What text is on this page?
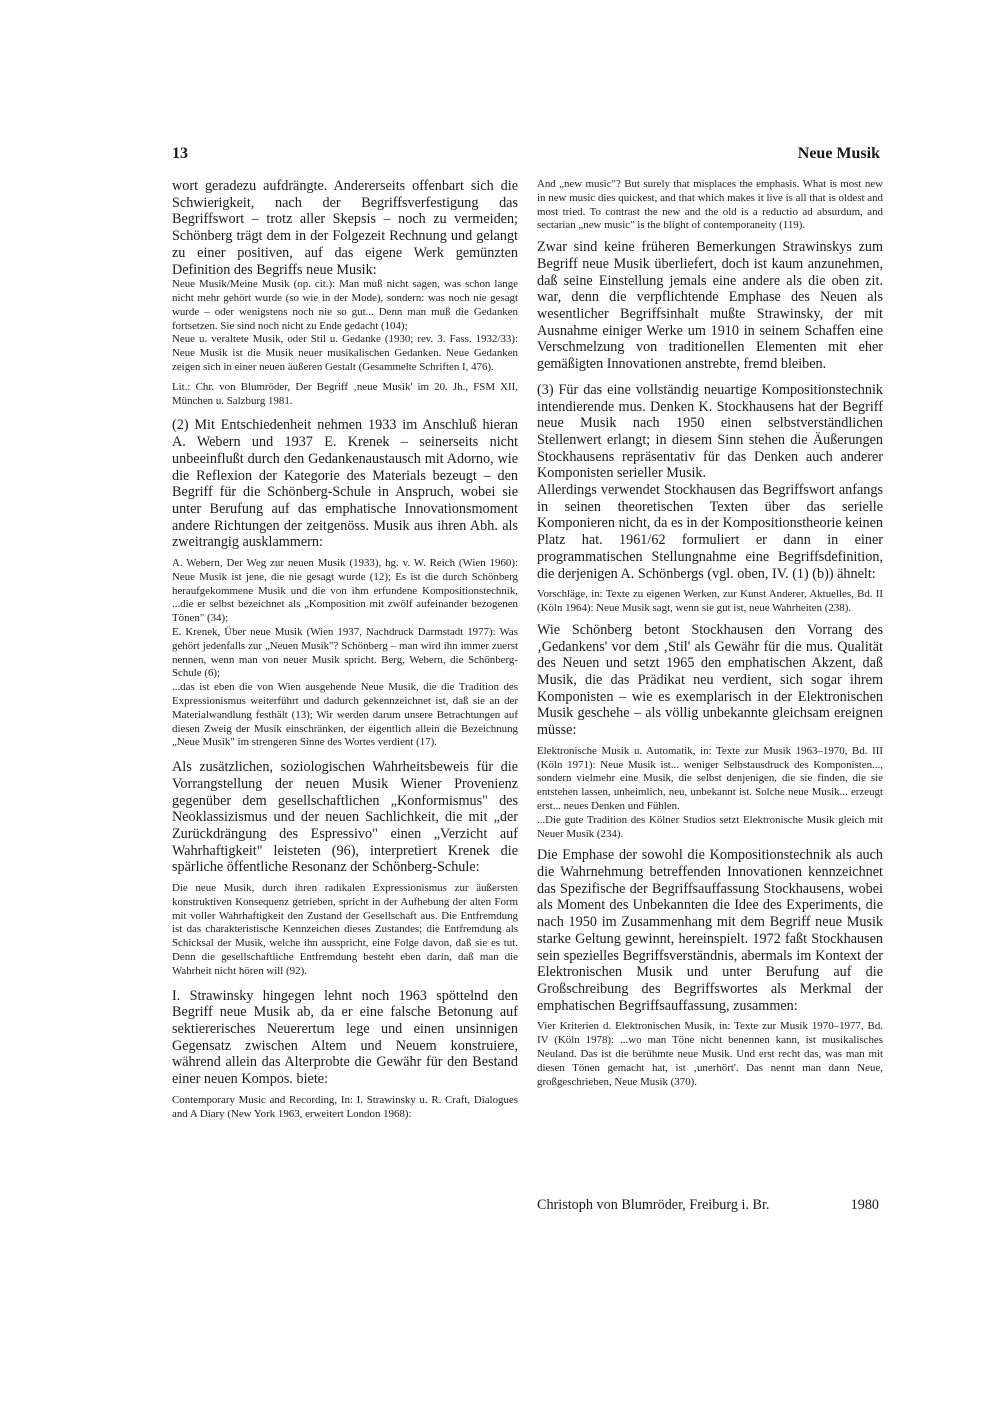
13	Neue Musik

wort geradezu aufdrängte. Andererseits offenbart sich die Schwierigkeit, nach der Begriffsverfestigung das Begriffswort – trotz aller Skepsis – noch zu vermeiden; Schönberg trägt dem in der Folgezeit Rechnung und gelangt zu einer positiven, auf das eigene Werk gemünzten Definition des Begriffs neue Musik:

Neue Musik/Meine Musik (op. cit.): Man muß nicht sagen, was schon lange nicht mehr gehört wurde (so wie in der Mode), sondern: was noch nie gesagt wurde – oder wenigstens noch nie so gut... Denn man muß die Gedanken fortsetzen. Sie sind noch nicht zu Ende gedacht (104);

Neue u. veraltete Musik, oder Stil u. Gedanke (1930; rev. 3. Fass. 1932/33): Neue Musik ist die Musik neuer musikalischen Gedanken. Neue Gedanken zeigen sich in einer neuen äußeren Gestalt (Gesammelte Schriften I, 476).

Lit.: Chr. von Blumröder, Der Begriff ‚neue Musik' im 20. Jh., FSM XII, München u. Salzburg 1981.

(2) Mit Entschiedenheit nehmen 1933 im Anschluß hieran A. Webern und 1937 E. Krenek – seinerseits nicht unbeeinflußt durch den Gedankenaustausch mit Adorno, wie die Reflexion der Kategorie des Materials bezeugt – den Begriff für die Schönberg-Schule in Anspruch, wobei sie unter Berufung auf das emphatische Innovationsmoment andere Richtungen der zeitgenöss. Musik aus ihren Abh. als zweitrangig ausklammern:

A. Webern, Der Weg zur neuen Musik (1933), hg. v. W. Reich (Wien 1960): Neue Musik ist jene, die nie gesagt wurde (12); Es ist die durch Schönberg heraufgekommene Musik und die von ihm erfundene Kompositionstechnik, ...die er selbst bezeichnet als „Komposition mit zwölf aufeinander bezogenen Tönen" (34);

E. Krenek, Über neue Musik (Wien 1937, Nachdruck Darmstadt 1977): Was gehört jedenfalls zur „Neuen Musik"? Schönberg – man wird ihn immer zuerst nennen, wenn man von neuer Musik spricht. Berg, Webern, die Schönberg-Schule (6);

...das ist eben die von Wien ausgehende Neue Musik, die die Tradition des Expressionismus weiterführt und dadurch gekennzeichnet ist, daß sie an der Materialwandlung festhält (13); Wir werden darum unsere Betrachtungen auf diesen Zweig der Musik einschränken, der eigentlich allein die Bezeichnung „Neue Musik" im strengeren Sinne des Wortes verdient (17).

Als zusätzlichen, soziologischen Wahrheitsbeweis für die Vorrangstellung der neuen Musik Wiener Provenienz gegenüber dem gesellschaftlichen „Konformismus" des Neoklassizismus und der neuen Sachlichkeit, die mit „der Zurückdrängung des Espressivo" einen „Verzicht auf Wahrhaftigkeit" leisteten (96), interpretiert Krenek die spärliche öffentliche Resonanz der Schönberg-Schule:

Die neue Musik, durch ihren radikalen Expressionismus zur äußersten konstruktiven Konsequenz getrieben, spricht in der Aufhebung der alten Form mit voller Wahrhaftigkeit den Zustand der Gesellschaft aus. Die Entfremdung ist das charakteristische Kennzeichen dieses Zustandes; die Entfremdung als Schicksal der Musik, welche ihn ausspricht, eine Folge davon, daß sie es tut. Denn die gesellschaftliche Entfremdung besteht eben darin, daß man die Wahrheit nicht hören will (92).

I. Strawinsky hingegen lehnt noch 1963 spöttelnd den Begriff neue Musik ab, da er eine falsche Betonung auf sektiererisches Neuerertum lege und einen unsinnigen Gegensatz zwischen Altem und Neuem konstruiere, während allein das Alterprobte die Gewähr für den Bestand einer neuen Kompos. biete:

Contemporary Music and Recording, In: I. Strawinsky u. R. Craft, Dialogues and A Diary (New York 1963, erweitert London 1968):

And „new music"? But surely that misplaces the emphasis. What is most new in new music dies quickest, and that which makes it live is all that is oldest and most tried. To contrast the new and the old is a reductio ad absurdum, and sectarian „new music" is the blight of contemporaneity (119).

Zwar sind keine früheren Bemerkungen Strawinskys zum Begriff neue Musik überliefert, doch ist kaum anzunehmen, daß seine Einstellung jemals eine andere als die oben zit. war, denn die verpflichtende Emphase des Neuen als wesentlicher Begriffsinhalt mußte Strawinsky, der mit Ausnahme einiger Werke um 1910 in seinem Schaffen eine Verschmelzung von traditionellen Elementen mit eher gemäßigten Innovationen anstrebte, fremd bleiben.

(3) Für das eine vollständig neuartige Kompositionstechnik intendierende mus. Denken K. Stockhausens hat der Begriff neue Musik nach 1950 einen selbstverständlichen Stellenwert erlangt; in diesem Sinn stehen die Äußerungen Stockhausens repräsentativ für das Denken auch anderer Komponisten serieller Musik.

Allerdings verwendet Stockhausen das Begriffswort anfangs in seinen theoretischen Texten über das serielle Komponieren nicht, da es in der Kompositionstheorie keinen Platz hat. 1961/62 formuliert er dann in einer programmatischen Stellungnahme eine Begriffsdefinition, die derjenigen A. Schönbergs (vgl. oben, IV. (1) (b)) ähnelt:

Vorschläge, in: Texte zu eigenen Werken, zur Kunst Anderer, Aktuelles, Bd. II (Köln 1964): Neue Musik sagt, wenn sie gut ist, neue Wahrheiten (238).

Wie Schönberg betont Stockhausen den Vorrang des ‚Gedankens' vor dem ‚Stil' als Gewähr für die mus. Qualität des Neuen und setzt 1965 den emphatischen Akzent, daß Musik, die das Prädikat neu verdient, sich sogar ihrem Komponisten – wie es exemplarisch in der Elektronischen Musik geschehe – als völlig unbekannte gleichsam ereignen müsse:

Elektronische Musik u. Automatik, in: Texte zur Musik 1963–1970, Bd. III (Köln 1971): Neue Musik ist... weniger Selbstausdruck des Komponisten..., sondern vielmehr eine Musik, die selbst denjenigen, die sie finden, die sie entstehen lassen, unheimlich, neu, unbekannt ist. Solche neue Musik... erzeugt erst... neues Denken und Fühlen.

...Die gute Tradition des Kölner Studios setzt Elektronische Musik gleich mit Neuer Musik (234).

Die Emphase der sowohl die Kompositionstechnik als auch die Wahrnehmung betreffenden Innovationen kennzeichnet das Spezifische der Begriffsauffassung Stockhausens, wobei als Moment des Unbekannten die Idee des Experiments, die nach 1950 im Zusammenhang mit dem Begriff neue Musik starke Geltung gewinnt, hereinspielt. 1972 faßt Stockhausen sein spezielles Begriffsverständnis, abermals im Kontext der Elektronischen Musik und unter Berufung auf die Großschreibung des Begriffswortes als Merkmal der emphatischen Begriffsauffassung, zusammen:

Vier Kriterien d. Elektronischen Musik, in: Texte zur Musik 1970–1977, Bd. IV (Köln 1978): ...wo man Töne nicht benennen kann, ist musikalisches Neuland. Das ist die berühmte neue Musik. Und erst recht das, was man mit diesen Tönen gemacht hat, ist ‚unerhört'. Das nennt man dann Neue, großgeschrieben, Neue Musik (370).

Christoph von Blumröder, Freiburg i. Br.	1980
